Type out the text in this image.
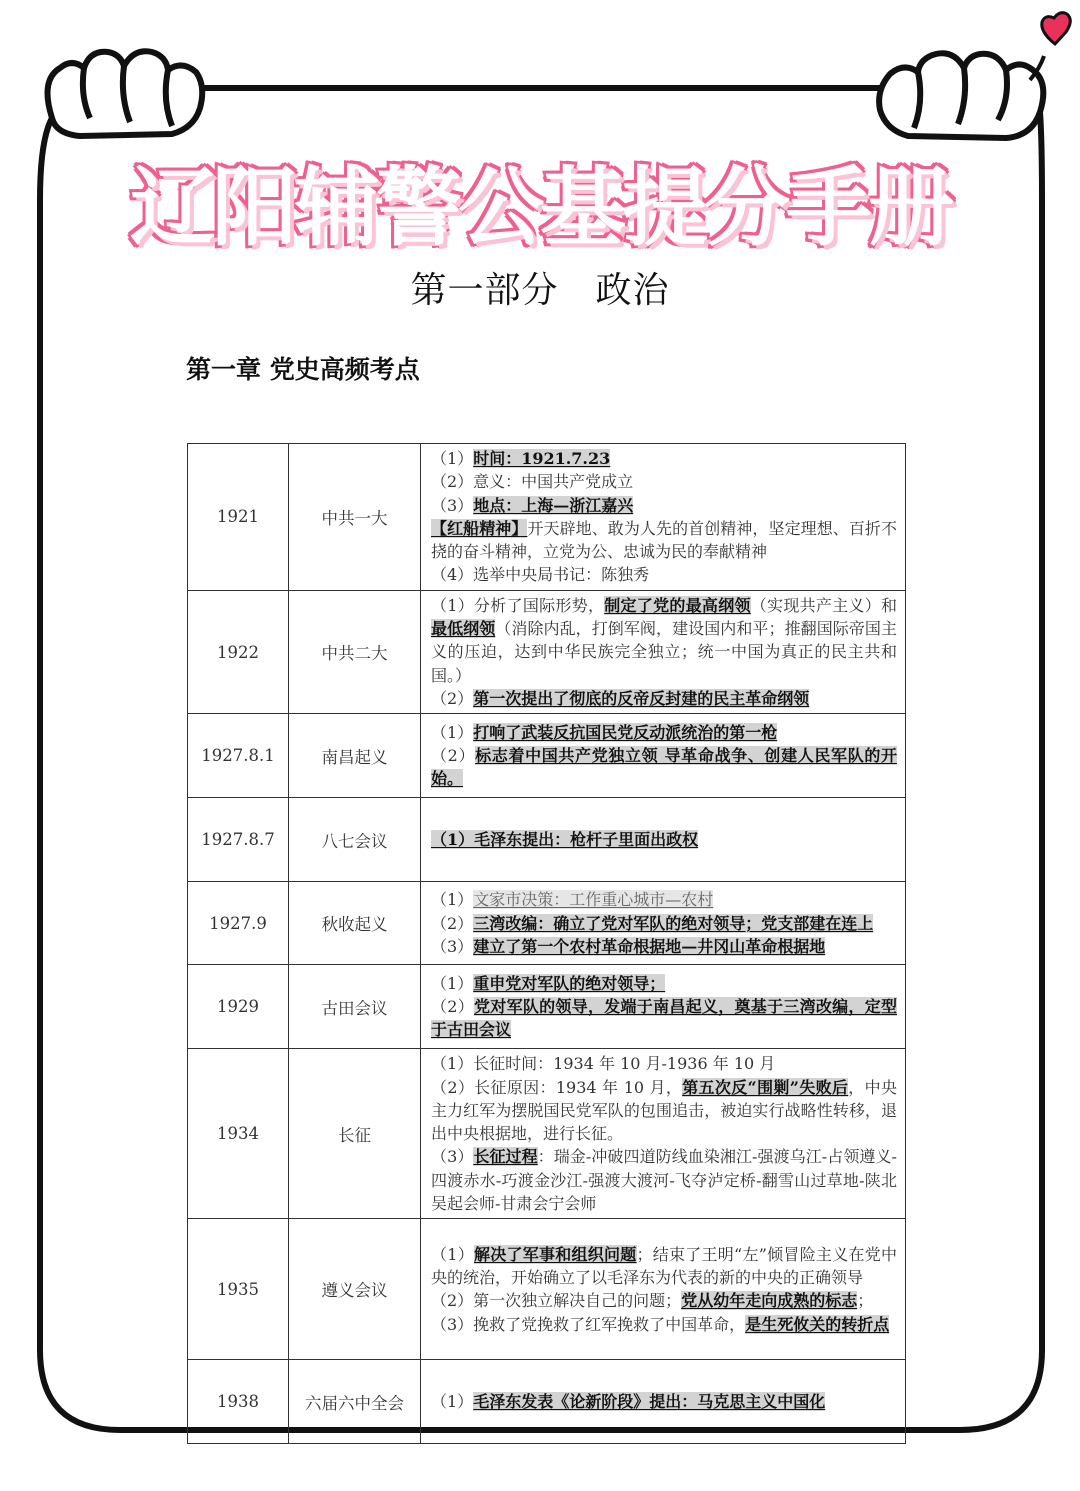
辽阳辅警公基提分手册
第一部分　政治
第一章 党史高频考点
1921	中共一大	（1）时间：1921.7.23
（2）意义：中国共产党成立
（3）地点：上海—浙江嘉兴
【红船精神】开天辟地、敢为人先的首创精神，坚定理想、百折不挠的奋斗精神，立党为公、忠诚为民的奉献精神
（4）选举中央局书记：陈独秀

1922	中共二大	（1）分析了国际形势，制定了党的最高纲领（实现共产主义）和最低纲领（消除内乱，打倒军阀，建设国内和平；推翻国际帝国主义的压迫，达到中华民族完全独立；统一中国为真正的民主共和国。）
（2）第一次提出了彻底的反帝反封建的民主革命纲领

1927.8.1	南昌起义	（1）打响了武装反抗国民党反动派统治的第一枪
（2）标志着中国共产党独立领 导革命战争、创建人民军队的开始。

1927.8.7	八七会议	（1）毛泽东提出：枪杆子里面出政权

1927.9	秋收起义	（1）文家市决策：工作重心城市—农村
（2）三湾改编：确立了党对军队的绝对领导；党支部建在连上
（3）建立了第一个农村革命根据地—井冈山革命根据地

1929	古田会议	（1）重申党对军队的绝对领导；
（2）党对军队的领导，发端于南昌起义，奠基于三湾改编，定型于古田会议

1934	长征	（1）长征时间：1934 年 10 月-1936 年 10 月
（2）长征原因：1934 年 10 月，第五次反“围剿”失败后，中央主力红军为摆脱国民党军队的包围追击，被迫实行战略性转移，退出中央根据地，进行长征。
（3）长征过程：瑞金-冲破四道防线血染湘江-强渡乌江-占领遵义-四渡赤水-巧渡金沙江-强渡大渡河-飞夺泸定桥-翻雪山过草地-陕北吴起会师-甘肃会宁会师

1935	遵义会议	（1）解决了军事和组织问题；结束了王明“左”倾冒险主义在党中央的统治，开始确立了以毛泽东为代表的新的中央的正确领导
（2）第一次独立解决自己的问题；党从幼年走向成熟的标志；
（3）挽救了党挽救了红军挽救了中国革命，是生死攸关的转折点

1938	六届六中全会	（1）毛泽东发表《论新阶段》提出：马克思主义中国化
